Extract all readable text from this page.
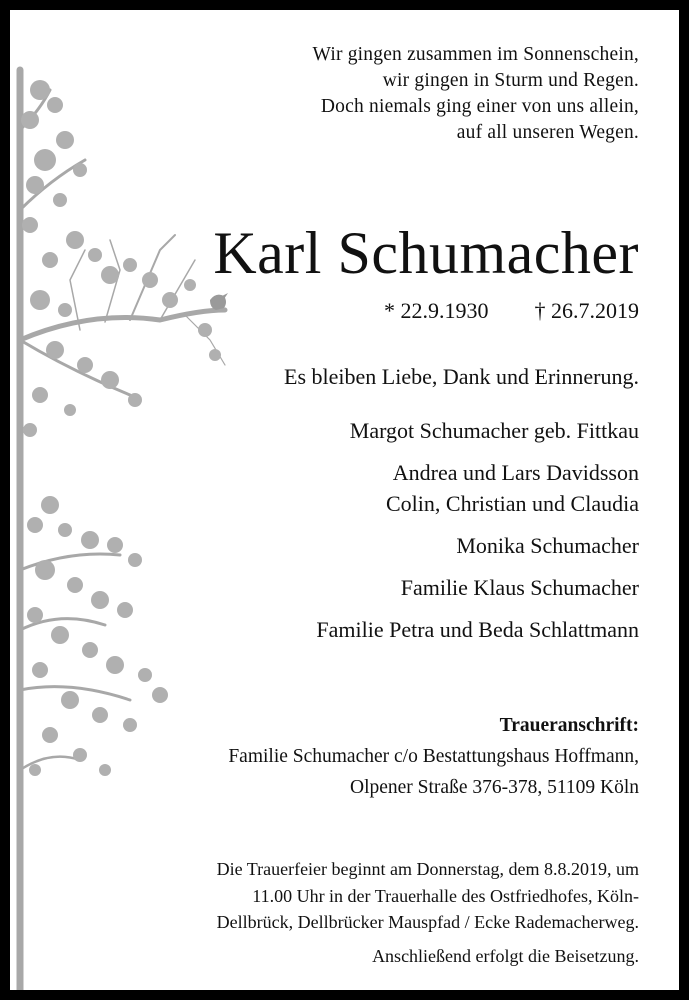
Wir gingen zusammen im Sonnenschein,
wir gingen in Sturm und Regen.
Doch niemals ging einer von uns allein,
auf all unseren Wegen.
Karl Schumacher
* 22.9.1930 † 26.7.2019
Es bleiben Liebe, Dank und Erinnerung.
Margot Schumacher geb. Fittkau
Andrea und Lars Davidsson
Colin, Christian und Claudia
Monika Schumacher
Familie Klaus Schumacher
Familie Petra und Beda Schlattmann
Traueranschrift:
Familie Schumacher c/o Bestattungshaus Hoffmann,
Olpener Straße 376-378, 51109 Köln
Die Trauerfeier beginnt am Donnerstag, dem 8.8.2019, um
11.00 Uhr in der Trauerhalle des Ostfriedhofes, Köln-
Dellbrück, Dellbrücker Mauspfad / Ecke Rademacherweg.
Anschließend erfolgt die Beisetzung.
